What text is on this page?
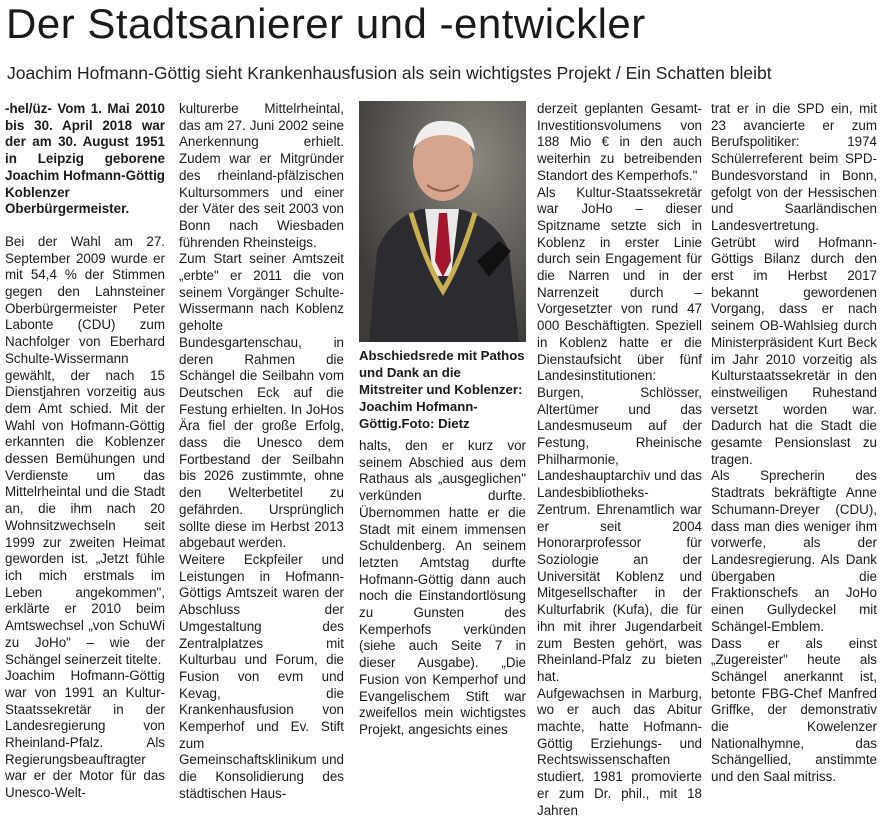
Der Stadtsanierer und -entwickler
Joachim Hofmann-Göttig sieht Krankenhausfusion als sein wichtigstes Projekt / Ein Schatten bleibt

-hel/üz- Vom 1. Mai 2010 bis 30. April 2018 war der am 30. August 1951 in Leipzig geborene Joachim Hofmann-Göttig Koblenzer Oberbürgermeister.

Bei der Wahl am 27. September 2009 wurde er mit 54,4 % der Stimmen gegen den Lahnsteiner Oberbürgermeister Peter Labonte (CDU) zum Nachfolger von Eberhard Schulte-Wissermann gewählt, der nach 15 Dienstjahren vorzeitig aus dem Amt schied. Mit der Wahl von Hofmann-Göttig erkannten die Koblenzer dessen Bemühungen und Verdienste um das Mittelrheintal und die Stadt an, die ihm nach 20 Wohnsitzwechseln seit 1999 zur zweiten Heimat geworden ist. „Jetzt fühle ich mich erstmals im Leben angekommen", erklärte er 2010 beim Amtswechsel „von SchuWi zu JoHo" – wie der Schängel seinerzeit titelte.

Joachim Hofmann-Göttig war von 1991 an Kultur-Staatssekretär in der Landesregierung von Rheinland-Pfalz. Als Regierungsbeauftragter war er der Motor für das Unesco-Welt-

kulturerbe Mittelrheintal, das am 27. Juni 2002 seine Anerkennung erhielt. Zudem war er Mitgründer des rheinland-pfälzischen Kultursommers und einer der Väter des seit 2003 von Bonn nach Wiesbaden führenden Rheinsteigs.

Zum Start seiner Amtszeit „erbte" er 2011 die von seinem Vorgänger Schulte-Wissermann nach Koblenz geholte Bundesgartenschau, in deren Rahmen die Schängel die Seilbahn vom Deutschen Eck auf die Festung erhielten. In JoHos Ära fiel der große Erfolg, dass die Unesco dem Fortbestand der Seilbahn bis 2026 zustimmte, ohne den Welterbetitel zu gefährden. Ursprünglich sollte diese im Herbst 2013 abgebaut werden.

Weitere Eckpfeiler und Leistungen in Hofmann-Göttigs Amtszeit waren der Abschluss der Umgestaltung des Zentralplatzes mit Kulturbau und Forum, die Fusion von evm und Kevag, die Krankenhausfusion von Kemperhof und Ev. Stift zum Gemeinschaftsklinikum und die Konsolidierung des städtischen Haus-

Abschiedsrede mit Pathos und Dank an die Mitstreiter und Koblenzer: Joachim Hofmann-Göttig.Foto: Dietz

halts, den er kurz vor seinem Abschied aus dem Rathaus als „ausgeglichen" verkünden durfte. Übernommen hatte er die Stadt mit einem immensen Schuldenberg. An seinem letzten Amtstag durfte Hofmann-Göttig dann auch noch die Einstandortlösung zu Gunsten des Kemperhofs verkünden (siehe auch Seite 7 in dieser Ausgabe). „Die Fusion von Kemperhof und Evangelischem Stift war zweifellos mein wichtigstes Projekt, angesichts eines

derzeit geplanten Gesamt-Investitionsvolumens von 188 Mio € in den auch weiterhin zu betreibenden Standort des Kemperhofs."

Als Kultur-Staatssekretär war JoHo – dieser Spitzname setzte sich in Koblenz in erster Linie durch sein Engagement für die Narren und in der Narrenzeit durch – Vorgesetzter von rund 47 000 Beschäftigten. Speziell in Koblenz hatte er die Dienstaufsicht über fünf Landesinstitutionen: Burgen, Schlösser, Altertümer und das Landesmuseum auf der Festung, Rheinische Philharmonie, Landeshauptarchiv und das Landesbibliotheks-Zentrum. Ehrenamtlich war er seit 2004 Honorarprofessor für Soziologie an der Universität Koblenz und Mitgesellschafter in der Kulturfabrik (Kufa), die für ihn mit ihrer Jugendarbeit zum Besten gehört, was Rheinland-Pfalz zu bieten hat.

Aufgewachsen in Marburg, wo er auch das Abitur machte, hatte Hofmann-Göttig Erziehungs- und Rechtswissenschaften studiert. 1981 promovierte er zum Dr. phil., mit 18 Jahren

trat er in die SPD ein, mit 23 avancierte er zum Berufspolitiker: 1974 Schülerreferent beim SPD-Bundesvorstand in Bonn, gefolgt von der Hessischen und Saarländischen Landesvertretung.

Getrübt wird Hofmann-Göttigs Bilanz durch den erst im Herbst 2017 bekannt gewordenen Vorgang, dass er nach seinem OB-Wahlsieg durch Ministerpräsident Kurt Beck im Jahr 2010 vorzeitig als Kulturstaatssekretär in den einstweiligen Ruhestand versetzt worden war. Dadurch hat die Stadt die gesamte Pensionslast zu tragen.

Als Sprecherin des Stadtrats bekräftigte Anne Schumann-Dreyer (CDU), dass man dies weniger ihm vorwerfe, als der Landesregierung. Als Dank übergaben die Fraktionschefs an JoHo einen Gullydeckel mit Schängel-Emblem.

Dass er als einst „Zugereister" heute als Schängel anerkannt ist, betonte FBG-Chef Manfred Griffke, der demonstrativ die Kowelenzer Nationalhymne, das Schängellied, anstimmte und den Saal mitriss.
